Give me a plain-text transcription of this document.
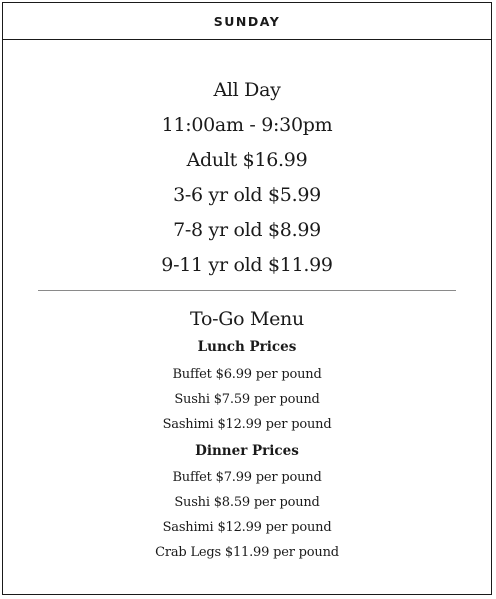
SUNDAY
All Day
11:00am - 9:30pm
Adult $16.99
3-6 yr old $5.99
7-8 yr old $8.99
9-11 yr old $11.99
To-Go Menu
Lunch Prices
Buffet $6.99 per pound
Sushi $7.59 per pound
Sashimi $12.99 per pound
Dinner Prices
Buffet $7.99 per pound
Sushi $8.59 per pound
Sashimi $12.99 per pound
Crab Legs $11.99 per pound
